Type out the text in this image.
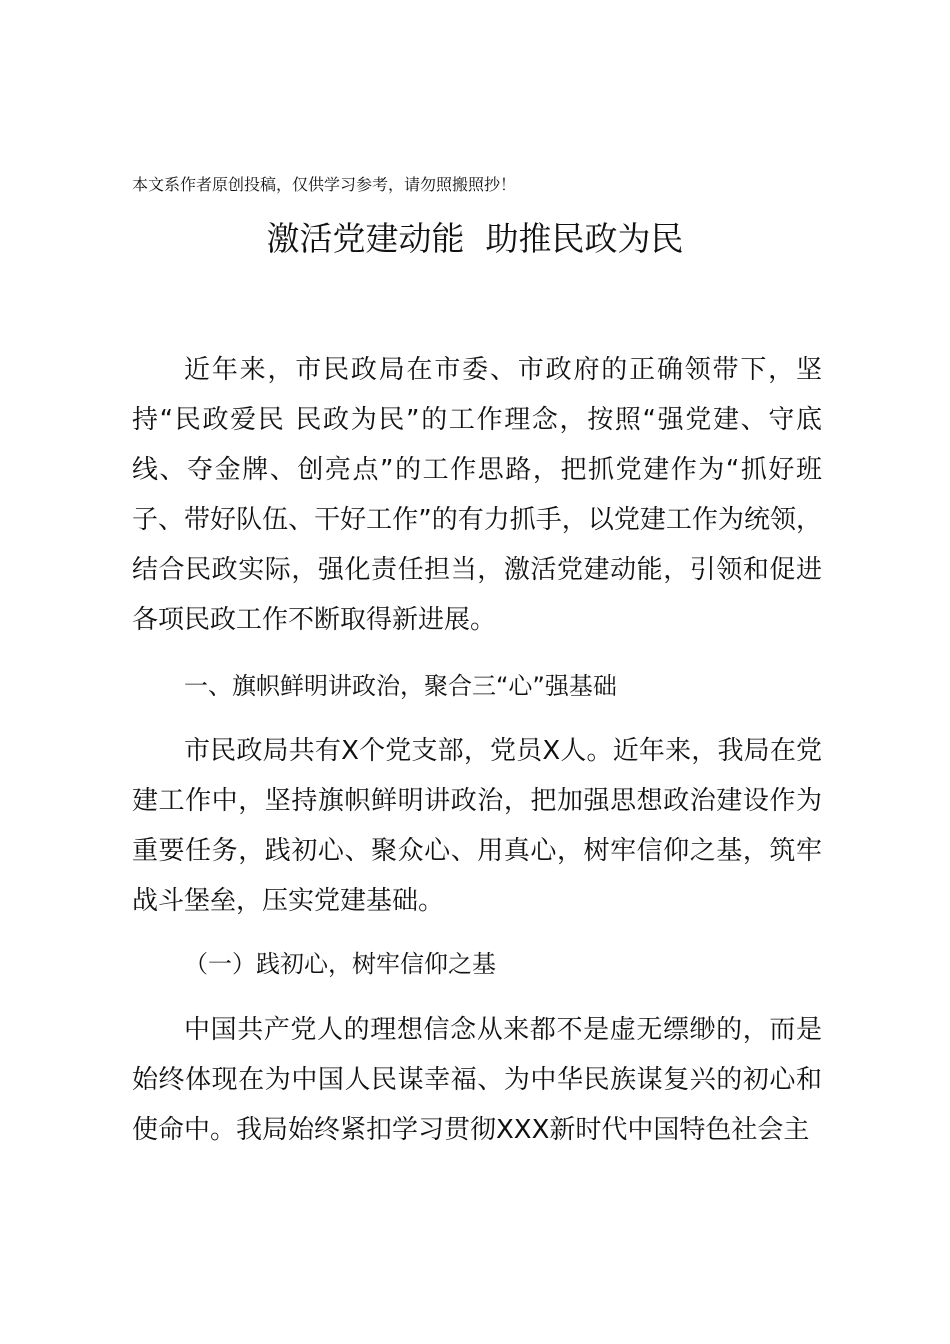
本文系作者原创投稿，仅供学习参考，请勿照搬照抄！
激活党建动能  助推民政为民

近年来，市民政局在市委、市政府的正确领带下，坚持“民政爱民 民政为民”的工作理念，按照“强党建、守底线、夺金牌、创亮点”的工作思路，把抓党建作为“抓好班子、带好队伍、干好工作”的有力抓手，以党建工作为统领，结合民政实际，强化责任担当，激活党建动能，引领和促进各项民政工作不断取得新进展。

一、旗帜鲜明讲政治，聚合三“心”强基础

市民政局共有X个党支部，党员X人。近年来，我局在党建工作中，坚持旗帜鲜明讲政治，把加强思想政治建设作为重要任务，践初心、聚众心、用真心，树牢信仰之基，筑牢战斗堡垒，压实党建基础。

（一）践初心，树牢信仰之基

中国共产党人的理想信念从来都不是虚无缥缈的，而是始终体现在为中国人民谋幸福、为中华民族谋复兴的初心和使命中。我局始终紧扣学习贯彻XXX新时代中国特色社会主
